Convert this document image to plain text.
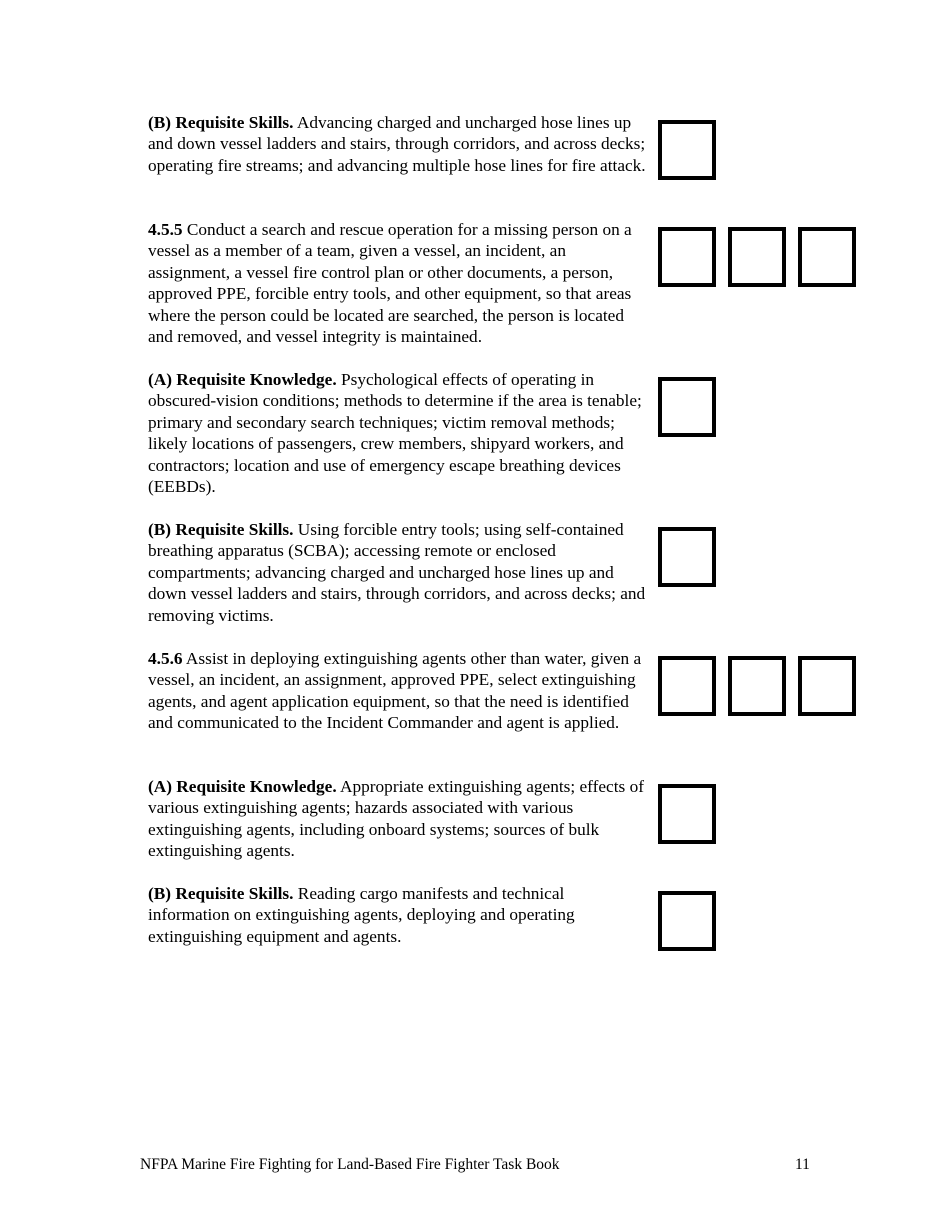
(B) Requisite Skills. Advancing charged and uncharged hose lines up and down vessel ladders and stairs, through corridors, and across decks; operating fire streams; and advancing multiple hose lines for fire attack.

4.5.5 Conduct a search and rescue operation for a missing person on a vessel as a member of a team, given a vessel, an incident, an assignment, a vessel fire control plan or other documents, a person, approved PPE, forcible entry tools, and other equipment, so that areas where the person could be located are searched, the person is located and removed, and vessel integrity is maintained.

(A) Requisite Knowledge. Psychological effects of operating in obscured-vision conditions; methods to determine if the area is tenable; primary and secondary search techniques; victim removal methods; likely locations of passengers, crew members, shipyard workers, and contractors; location and use of emergency escape breathing devices (EEBDs).

(B) Requisite Skills. Using forcible entry tools; using self-contained breathing apparatus (SCBA); accessing remote or enclosed compartments; advancing charged and uncharged hose lines up and down vessel ladders and stairs, through corridors, and across decks; and removing victims.

4.5.6 Assist in deploying extinguishing agents other than water, given a vessel, an incident, an assignment, approved PPE, select extinguishing agents, and agent application equipment, so that the need is identified and communicated to the Incident Commander and agent is applied.

(A) Requisite Knowledge. Appropriate extinguishing agents; effects of various extinguishing agents; hazards associated with various extinguishing agents, including onboard systems; sources of bulk extinguishing agents.

(B) Requisite Skills. Reading cargo manifests and technical information on extinguishing agents, deploying and operating extinguishing equipment and agents.

NFPA Marine Fire Fighting for Land-Based Fire Fighter Task Book	11
